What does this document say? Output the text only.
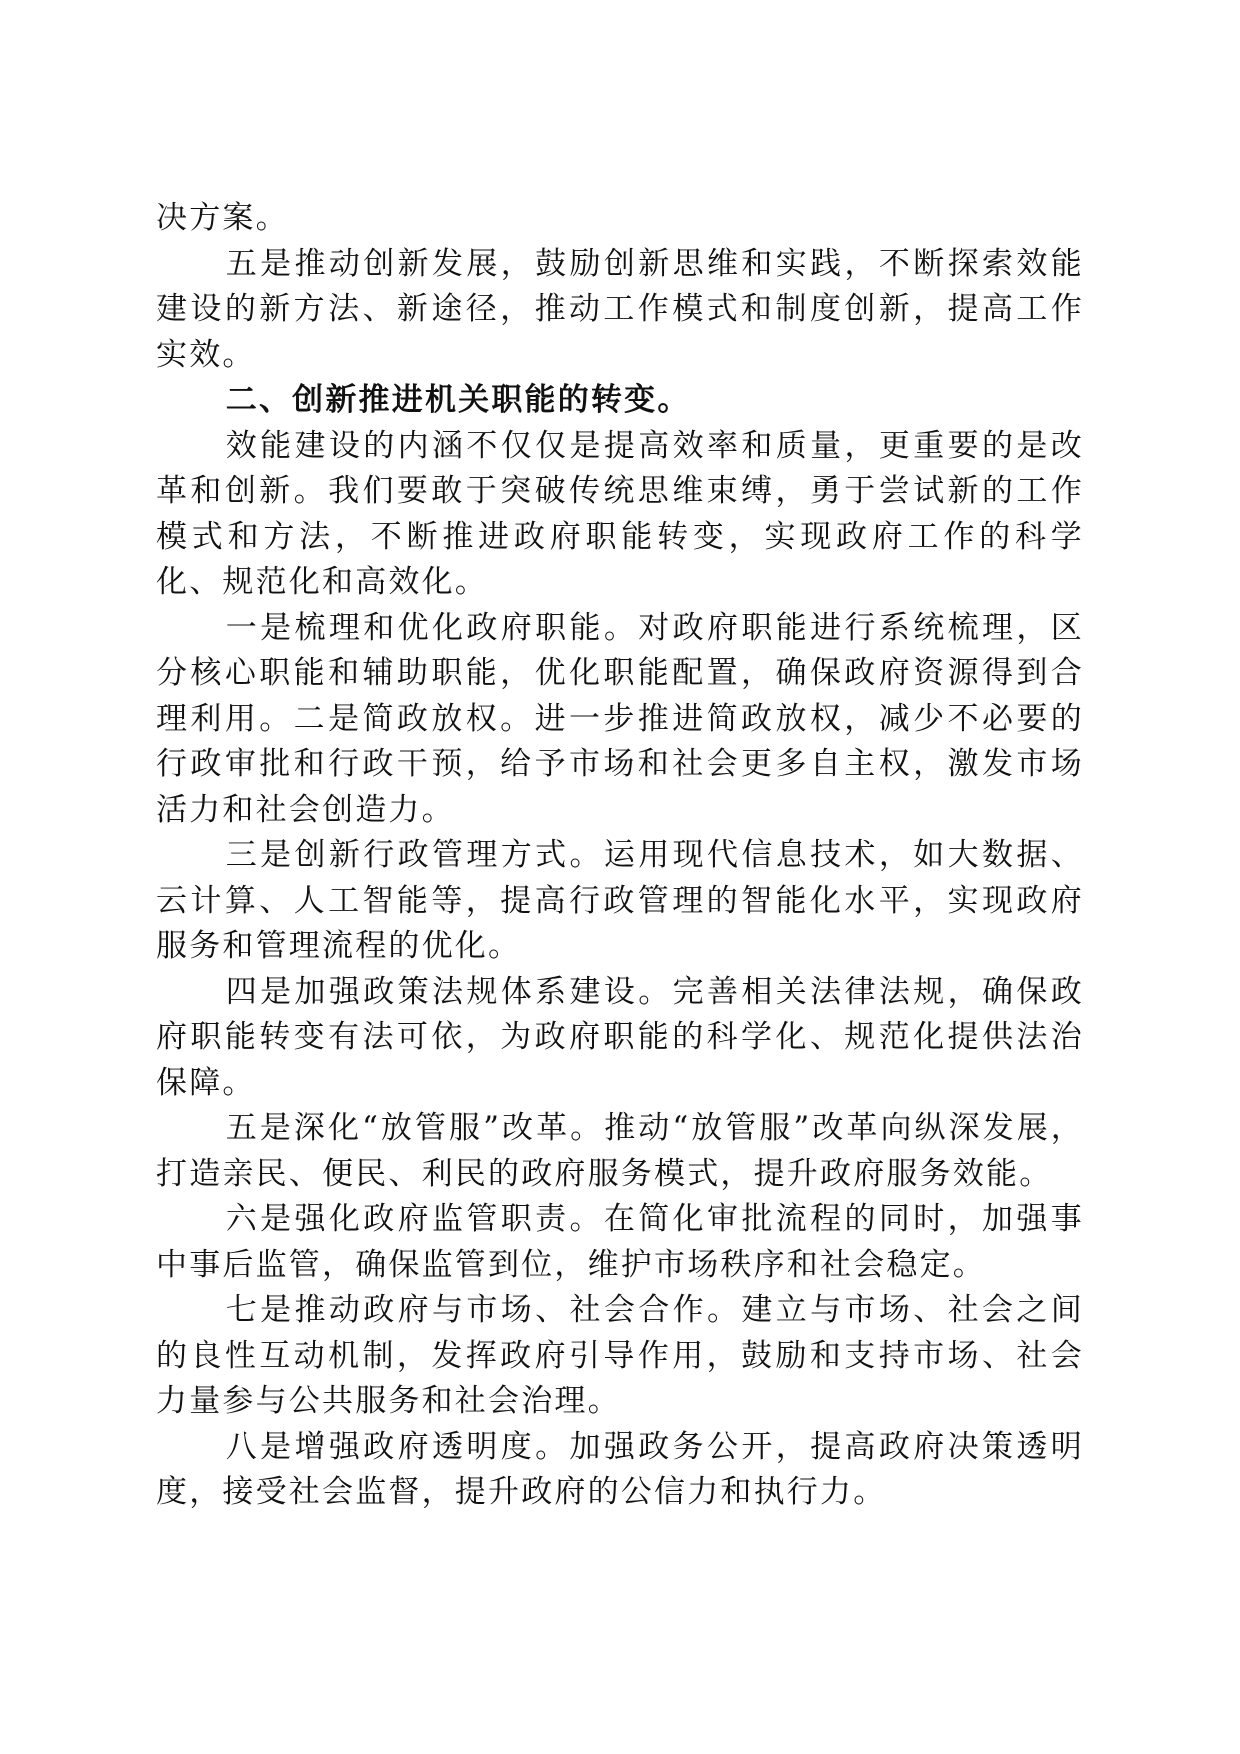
决方案。

五是推动创新发展，鼓励创新思维和实践，不断探索效能建设的新方法、新途径，推动工作模式和制度创新，提高工作实效。

二、创新推进机关职能的转变。

效能建设的内涵不仅仅是提高效率和质量，更重要的是改革和创新。我们要敢于突破传统思维束缚，勇于尝试新的工作模式和方法，不断推进政府职能转变，实现政府工作的科学化、规范化和高效化。

一是梳理和优化政府职能。对政府职能进行系统梳理，区分核心职能和辅助职能，优化职能配置，确保政府资源得到合理利用。二是简政放权。进一步推进简政放权，减少不必要的行政审批和行政干预，给予市场和社会更多自主权，激发市场活力和社会创造力。

三是创新行政管理方式。运用现代信息技术，如大数据、云计算、人工智能等，提高行政管理的智能化水平，实现政府服务和管理流程的优化。

四是加强政策法规体系建设。完善相关法律法规，确保政府职能转变有法可依，为政府职能的科学化、规范化提供法治保障。

五是深化“放管服”改革。推动“放管服”改革向纵深发展，打造亲民、便民、利民的政府服务模式，提升政府服务效能。

六是强化政府监管职责。在简化审批流程的同时，加强事中事后监管，确保监管到位，维护市场秩序和社会稳定。

七是推动政府与市场、社会合作。建立与市场、社会之间的良性互动机制，发挥政府引导作用，鼓励和支持市场、社会力量参与公共服务和社会治理。

八是增强政府透明度。加强政务公开，提高政府决策透明度，接受社会监督，提升政府的公信力和执行力。
